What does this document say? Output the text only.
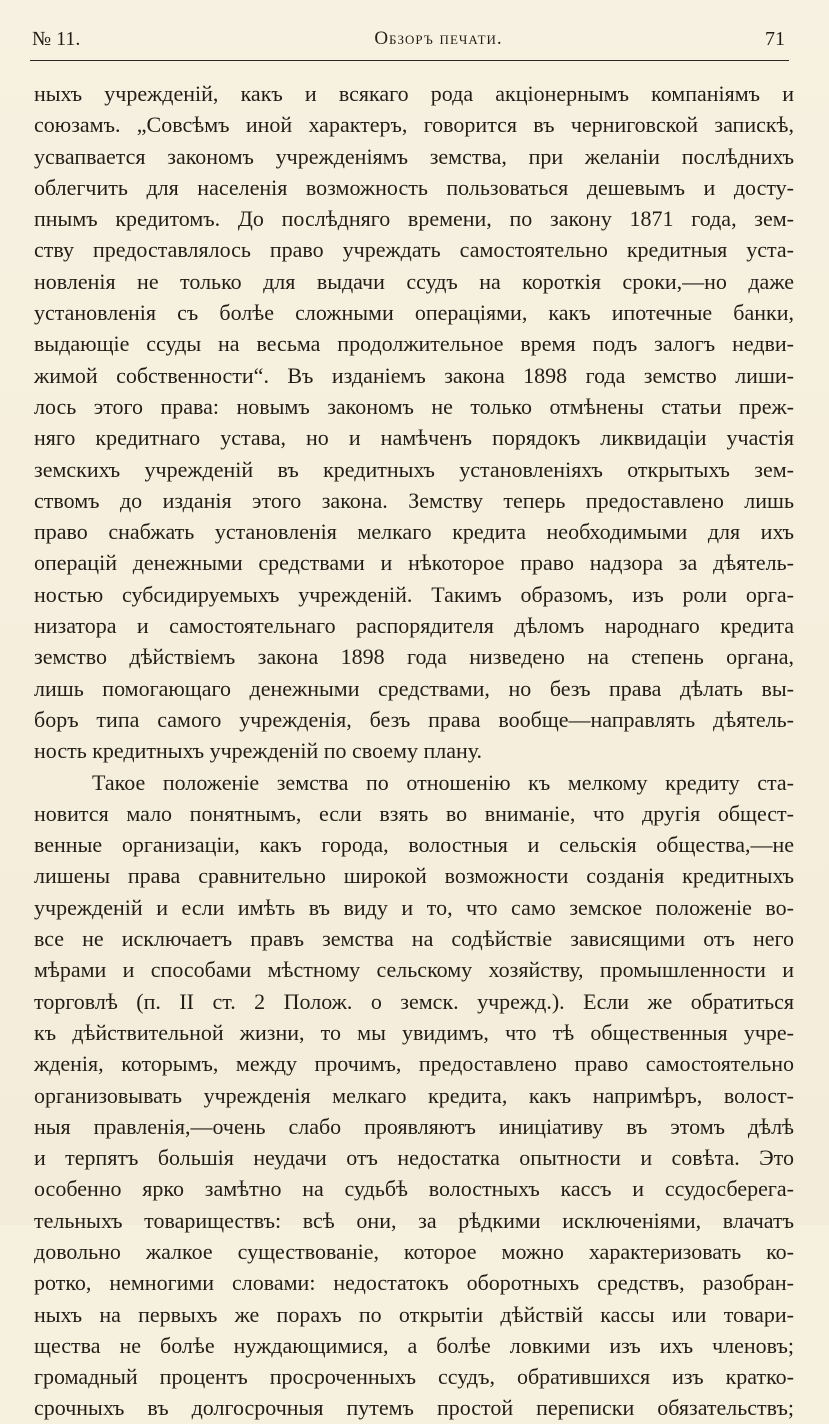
№ 11.	Обзоръ печати.	71
ныхъ учрежденій, какъ и всякаго рода акціонернымъ компаніямъ и
союзамъ. „Совсѣмъ иной характеръ, говорится въ черниговской запискѣ,
усвапвается закономъ учрежденіямъ земства, при желаніи послѣднихъ
облегчить для населенія возможность пользоваться дешевымъ и досту-
пнымъ кредитомъ. До послѣдняго времени, по закону 1871 года, зем-
ству предоставлялось право учреждать самостоятельно кредитныя уста-
новленія не только для выдачи ссудъ на короткія сроки,—но даже
установленія съ болѣе сложными операціями, какъ ипотечные банки,
выдающіе ссуды на весьма продолжительное время подъ залогъ недви-
жимой собственности“. Въ изданіемъ закона 1898 года земство лиши-
лось этого права: новымъ закономъ не только отмѣнены статьи преж-
няго кредитнаго устава, но и намѣченъ порядокъ ликвидаціи участія
земскихъ учрежденій въ кредитныхъ установленіяхъ открытыхъ зем-
ствомъ до изданія этого закона. Земству теперь предоставлено лишь
право снабжать установленія мелкаго кредита необходимыми для ихъ
операцій денежными средствами и нѣкоторое право надзора за дѣятель-
ностью субсидируемыхъ учрежденій. Такимъ образомъ, изъ роли орга-
низатора и самостоятельнаго распорядителя дѣломъ народнаго кредита
земство дѣйствіемъ закона 1898 года низведено на степень органа,
лишь помогающаго денежными средствами, но безъ права дѣлать вы-
боръ типа самого учрежденія, безъ права вообще—направлять дѣятель-
ность кредитныхъ учрежденій по своему плану.
Такое положеніе земства по отношенію къ мелкому кредиту ста-
новится мало понятнымъ, если взять во вниманіе, что другія общест-
венные организаціи, какъ города, волостныя и сельскія общества,—не
лишены права сравнительно широкой возможности созданія кредитныхъ
учрежденій и если имѣть въ виду и то, что само земское положеніе во-
все не исключаетъ правъ земства на содѣйствіе зависящими отъ него
мѣрами и способами мѣстному сельскому хозяйству, промышленности и
торговлѣ (п. II ст. 2 Полож. о земск. учрежд.). Если же обратиться
къ дѣйствительной жизни, то мы увидимъ, что тѣ общественныя учре-
жденія, которымъ, между прочимъ, предоставлено право самостоятельно
организовывать учрежденія мелкаго кредита, какъ напримѣръ, волост-
ныя правленія,—очень слабо проявляютъ иниціативу въ этомъ дѣлѣ
и терпятъ большія неудачи отъ недостатка опытности и совѣта. Это
особенно ярко замѣтно на судьбѣ волостныхъ кассъ и ссудосберега-
тельныхъ товариществъ: всѣ они, за рѣдкими исключеніями, влачатъ
довольно жалкое существованіе, которое можно характеризовать ко-
ротко, немногими словами: недостатокъ оборотныхъ средствъ, разобран-
ныхъ на первыхъ же порахъ по открытіи дѣйствій кассы или товари-
щества не болѣе нуждающимися, а болѣе ловкими изъ ихъ членовъ;
громадный процентъ просроченныхъ ссудъ, обратившихся изъ кратко-
срочныхъ въ долгосрочныя путемъ простой переписки обязательствъ;
